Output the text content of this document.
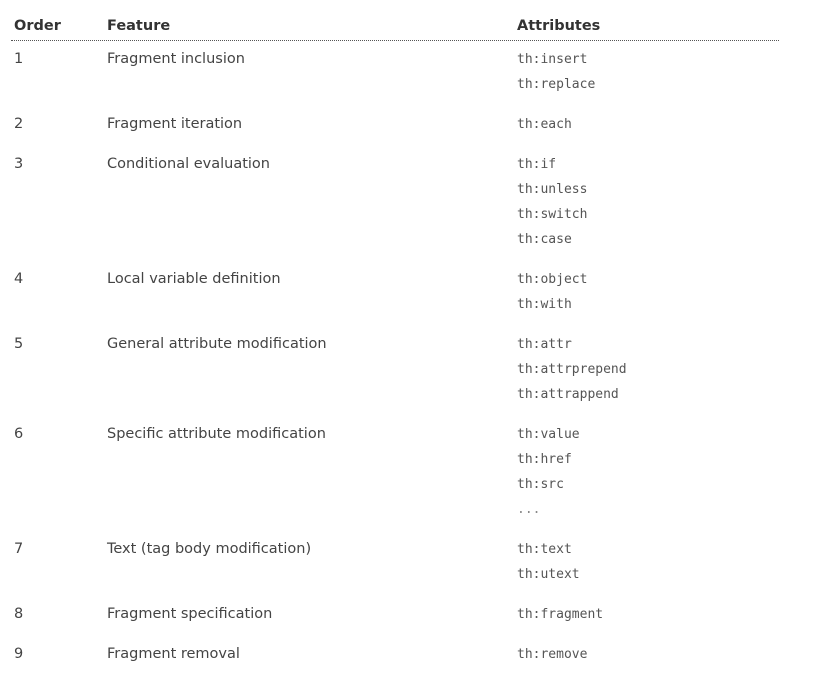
Order	Feature	Attributes
1	Fragment inclusion	th:insert
th:replace
2	Fragment iteration	th:each
3	Conditional evaluation	th:if
th:unless
th:switch
th:case
4	Local variable definition	th:object
th:with
5	General attribute modification	th:attr
th:attrprepend
th:attrappend
6	Specific attribute modification	th:value
th:href
th:src
...
7	Text (tag body modification)	th:text
th:utext
8	Fragment specification	th:fragment
9	Fragment removal	th:remove
